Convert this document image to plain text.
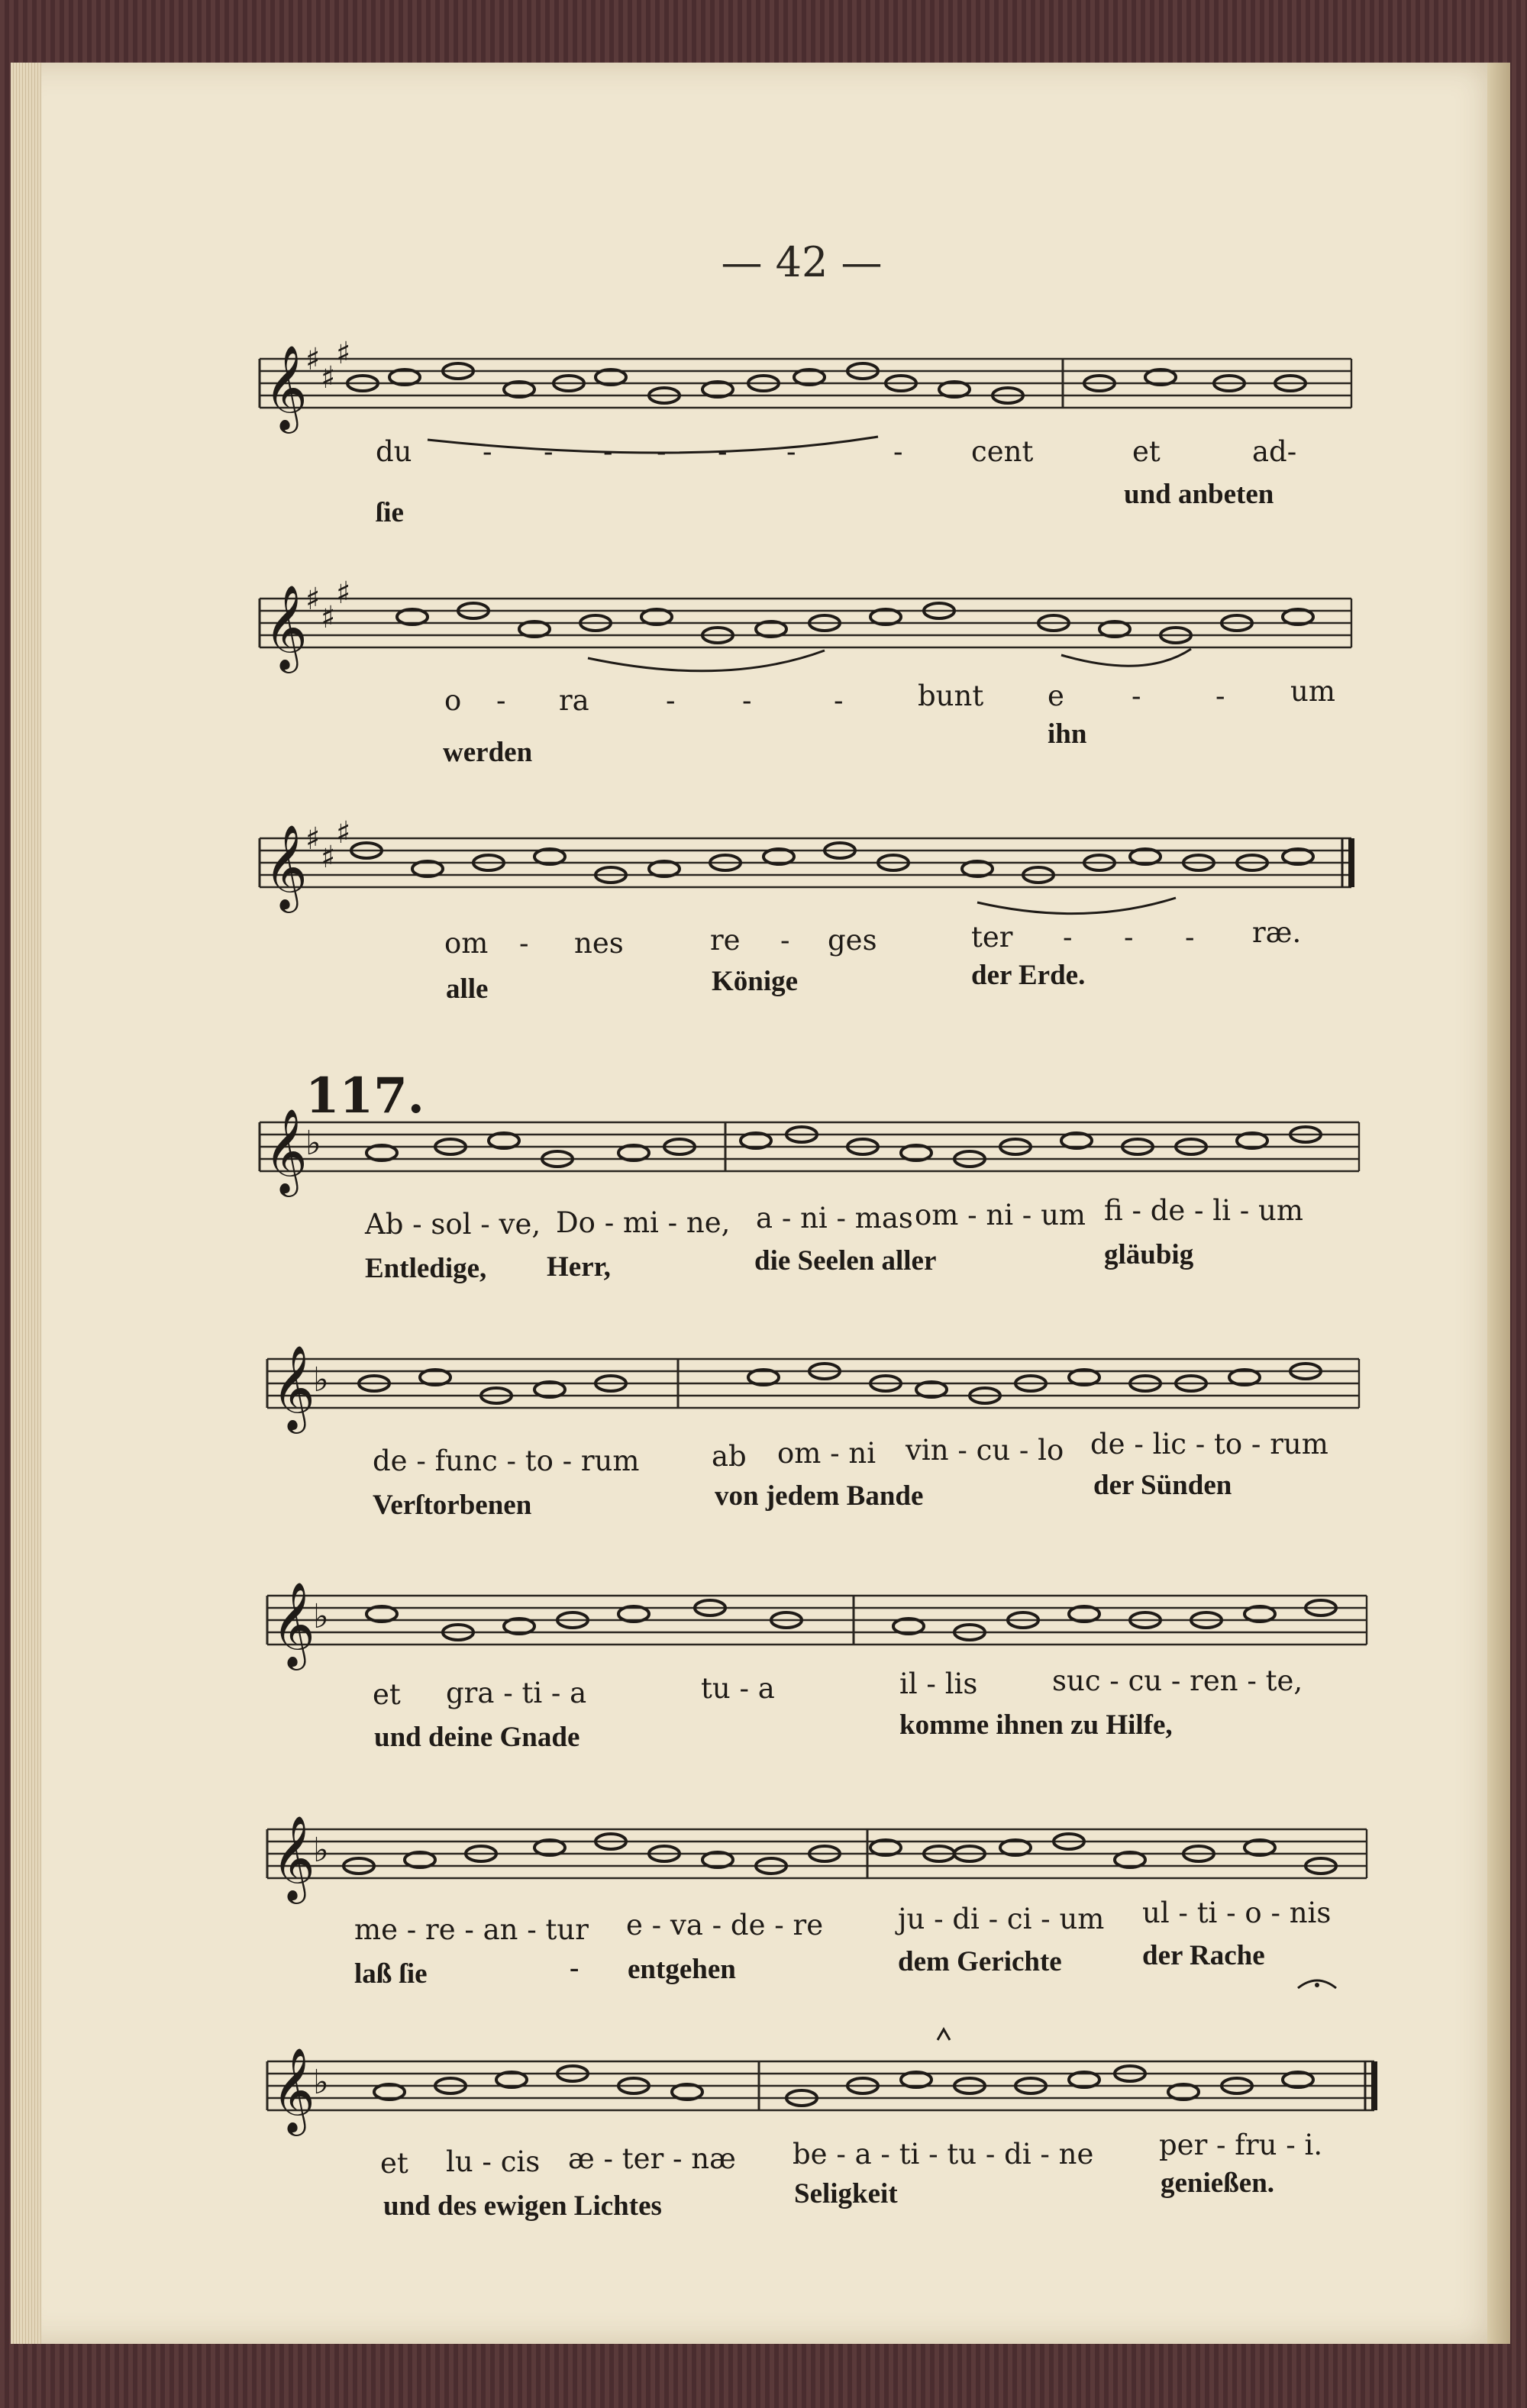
— 42 —
𝄞
♯
♯
♯
𝄞
♯
♯
♯
𝄞
♯
♯
♯
𝄞
♭
𝄞
♭
𝄞
♭
𝄞
♭
𝄞
♭
du - - - - - -	- cent	et	ad-
ſie
und anbeten
o - ra	- -	-	bunt e -	- um
werden
ihn
om - nes	re - ges	ter - - - ræ.
alle	Könige	der Erde.
117.
Ab - sol - ve, Do - mi - ne, a - ni - mas om - ni - um fi - de - li - um
Entledige, Herr,	die Seelen aller	gläubig
de - func - to - rum	ab om - ni vin - cu - lo de - lic - to - rum
Verſtorbenen	von jedem Bande	der Sünden
et gra - ti - a	tu - a	il - lis	suc - cu - ren - te,
und deine Gnade	komme ihnen zu Hilfe,
me - re - an - tur e - va - de - re	ju - di - ci - um ul - ti - o - nis
laß ſie	- entgehen	dem Gerichte	der Rache
et lu - cis æ - ter - næ be - a - ti - tu - di - ne per - fru - i.
und des ewigen Lichtes	Seligkeit	genießen.
